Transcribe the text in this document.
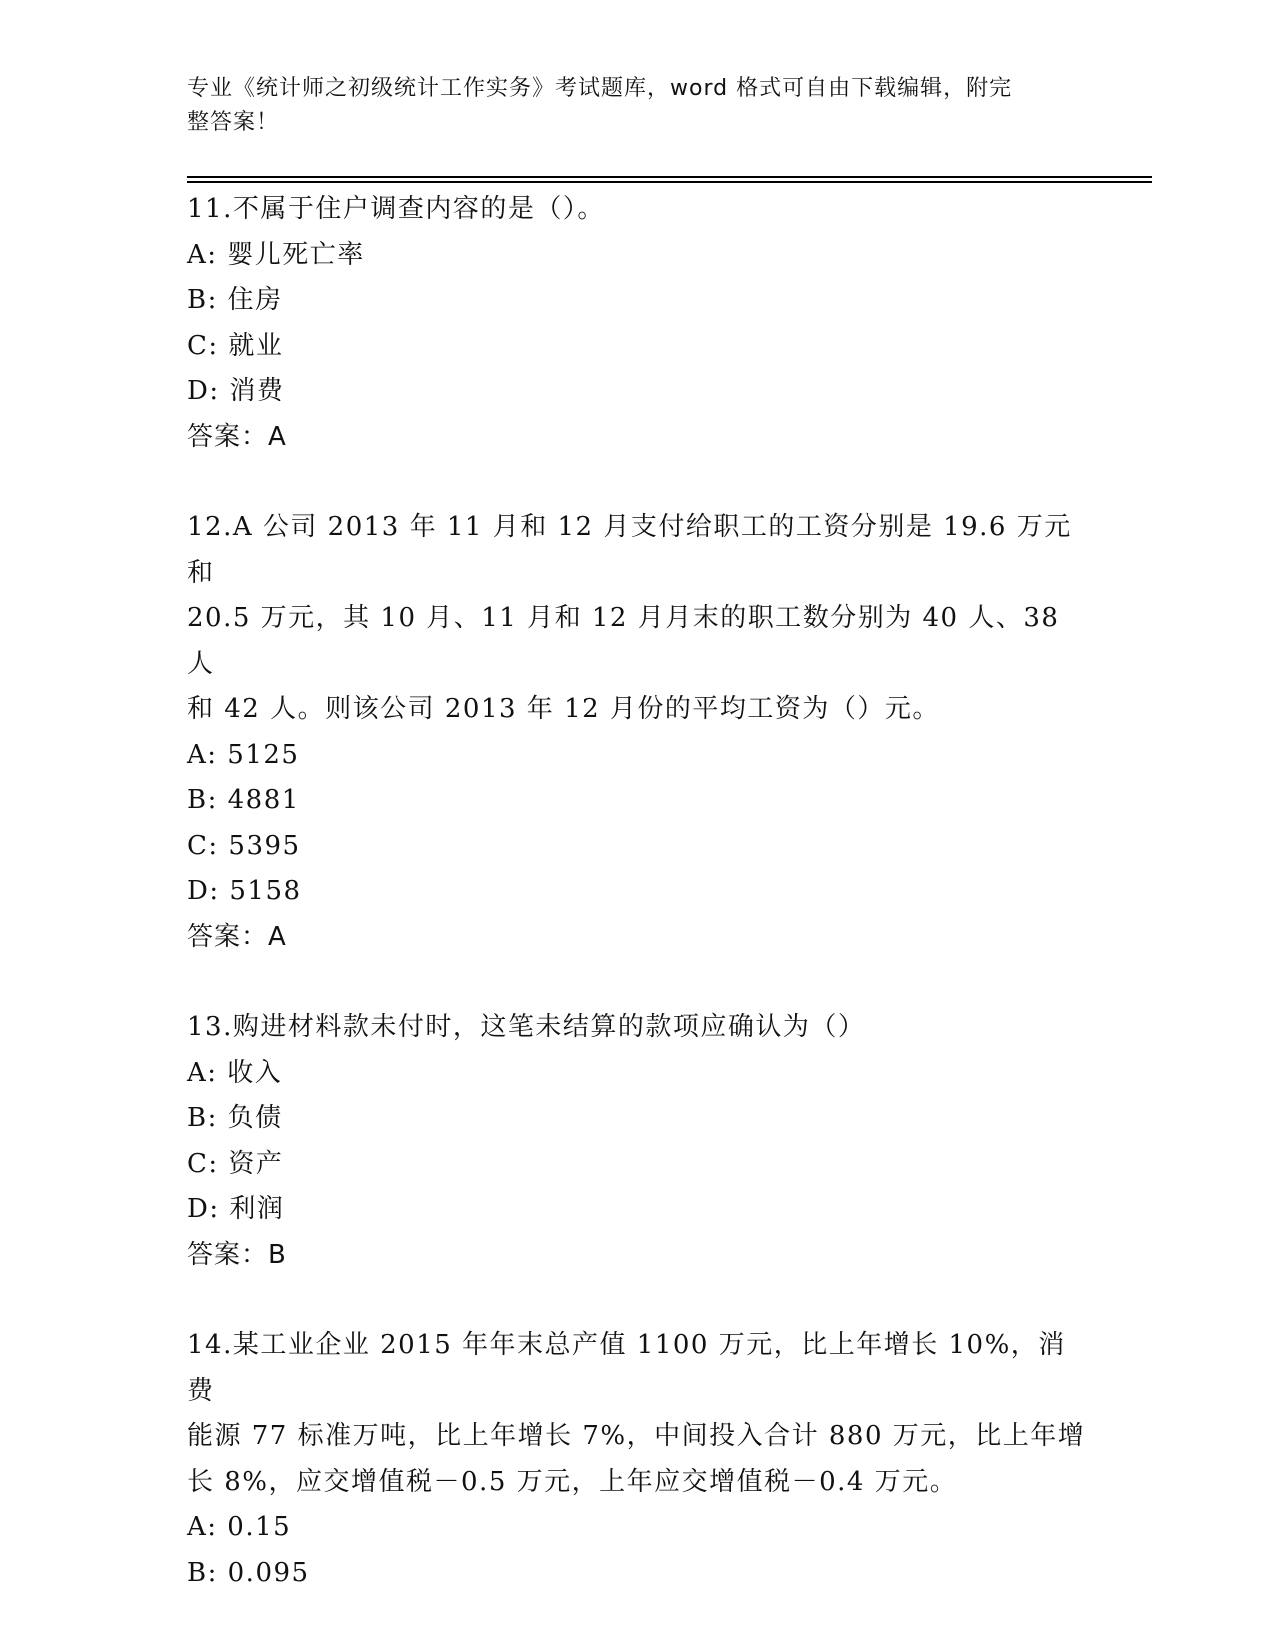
专业《统计师之初级统计工作实务》考试题库，word 格式可自由下载编辑，附完
整答案！
11.不属于住户调查内容的是（）。
A: 婴儿死亡率
B: 住房
C: 就业
D: 消费
答案：A
12.A 公司 2013 年 11 月和 12 月支付给职工的工资分别是 19.6 万元和
20.5 万元，其 10 月、11 月和 12 月月末的职工数分别为 40 人、38 人
和 42 人。则该公司 2013 年 12 月份的平均工资为（）元。
A: 5125
B: 4881
C: 5395
D: 5158
答案：A
13.购进材料款未付时，这笔未结算的款项应确认为（）
A: 收入
B: 负债
C: 资产
D: 利润
答案：B
14.某工业企业 2015 年年末总产值 1100 万元，比上年增长 10%，消费
能源 77 标准万吨，比上年增长 7%，中间投入合计 880 万元，比上年增
长 8%，应交增值税－0.5 万元，上年应交增值税－0.4 万元。
A: 0.15
B: 0.095
